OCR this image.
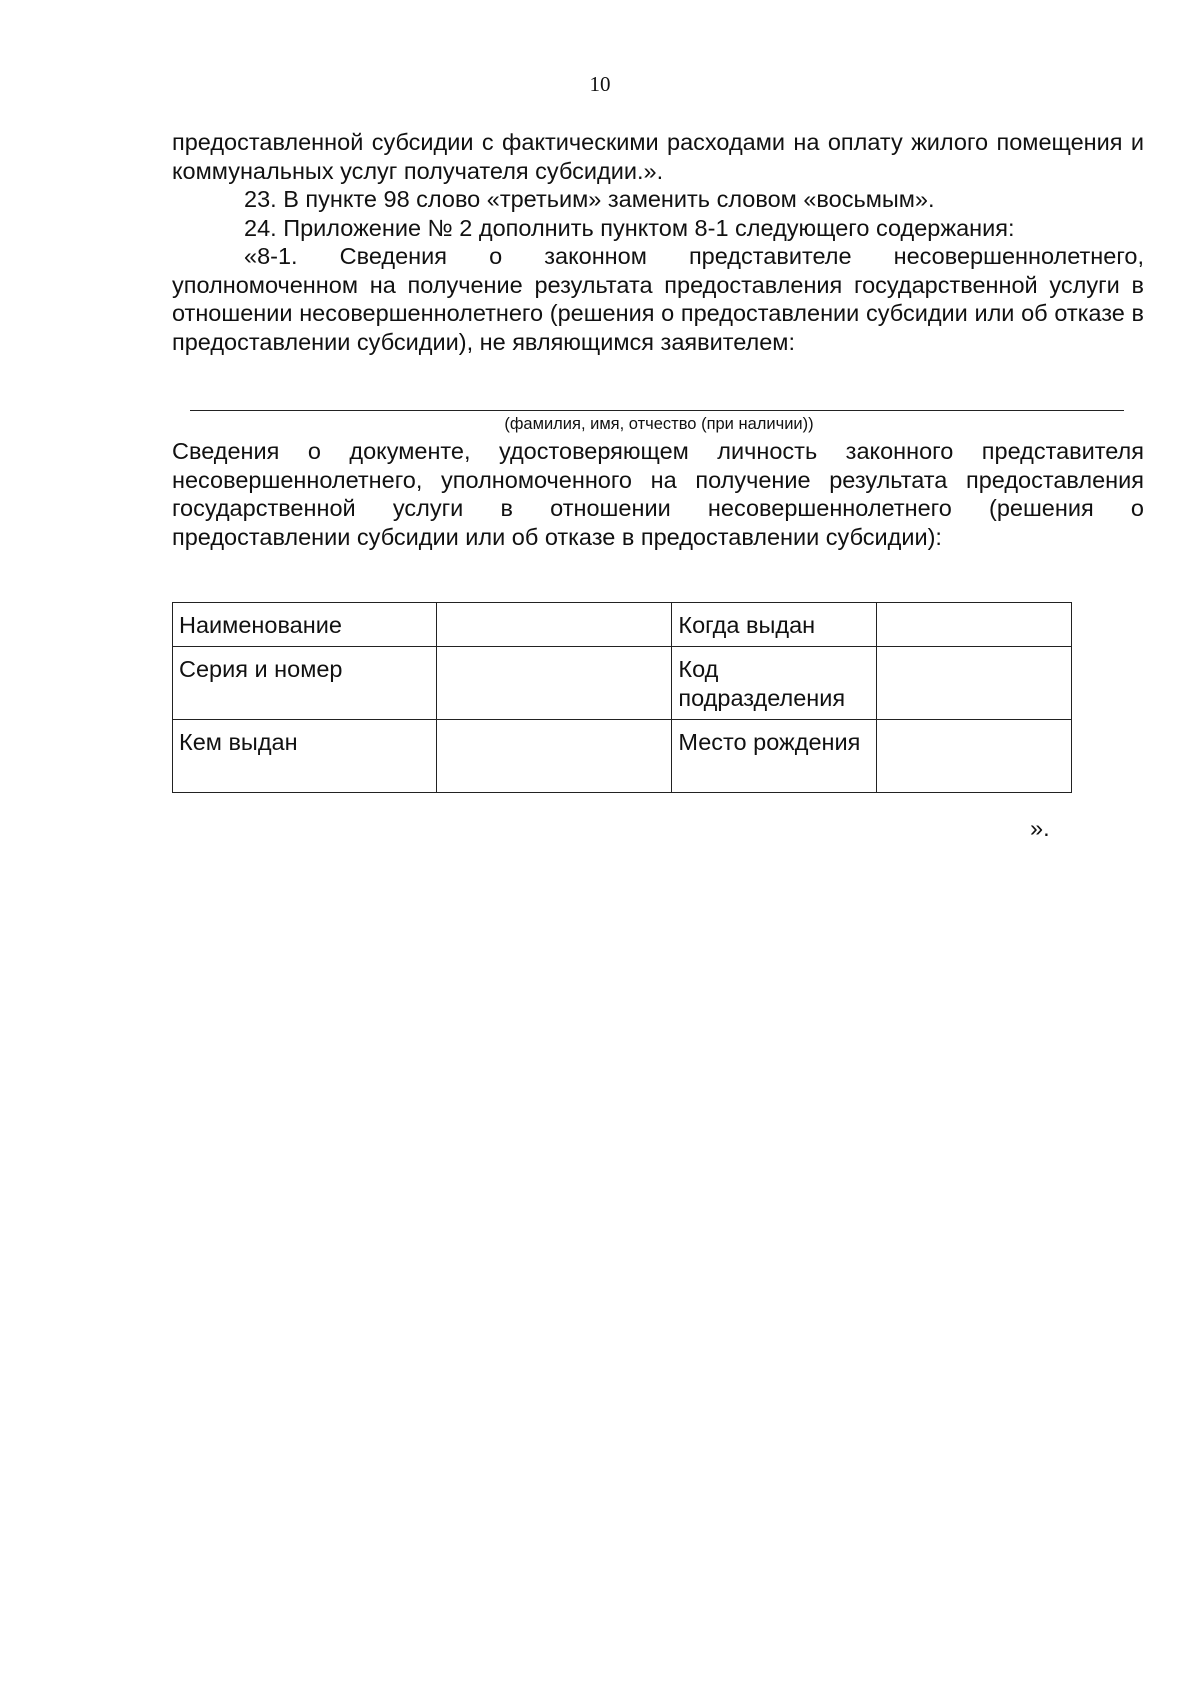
10

предоставленной субсидии с фактическими расходами на оплату жилого помещения и коммунальных услуг получателя субсидии.».

23. В пункте 98 слово «третьим» заменить словом «восьмым».

24. Приложение № 2 дополнить пунктом 8-1 следующего содержания:

«8-1. Сведения о законном представителе несовершеннолетнего, уполномоченном на получение результата предоставления государственной услуги в отношении несовершеннолетнего (решения о предоставлении субсидии или об отказе в предоставлении субсидии), не являющимся заявителем:

(фамилия, имя, отчество (при наличии))

Сведения о документе, удостоверяющем личность законного представителя несовершеннолетнего, уполномоченного на получение результата предоставления государственной услуги в отношении несовершеннолетнего (решения о предоставлении субсидии или об отказе в предоставлении субсидии):

Наименование		Когда выдан	
Серия и номер		Код подразделения	
Кем выдан		Место рождения	
».
